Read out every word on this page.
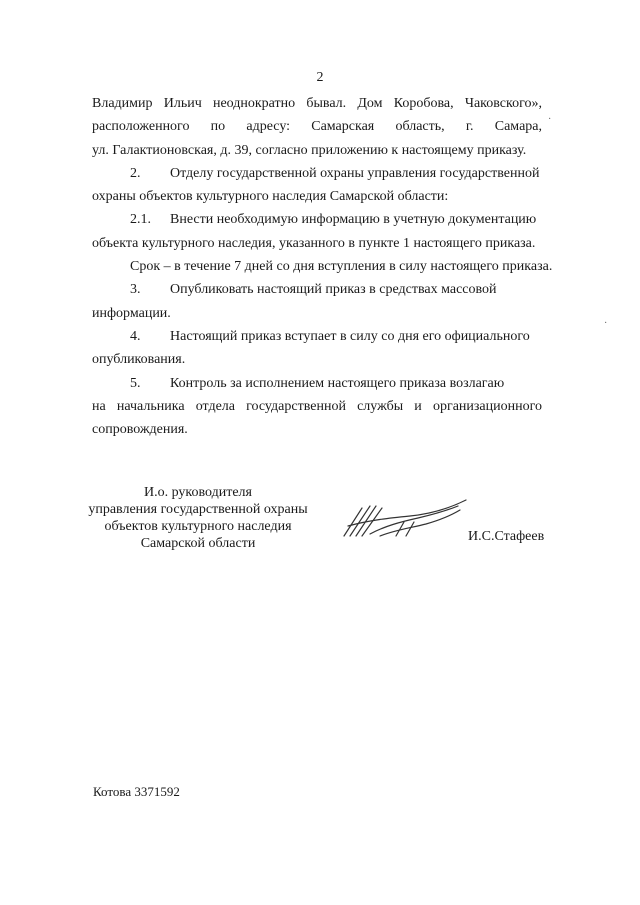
2
Владимир Ильич неоднократно бывал. Дом Коробова, Чаковского»,
расположенного по адресу: Самарская область, г. Самара,
ул. Галактионовская, д. 39, согласно приложению к настоящему приказу.
2. Отделу государственной охраны управления государственной
охраны объектов культурного наследия Самарской области:
2.1. Внести необходимую информацию в учетную документацию
объекта культурного наследия, указанного в пункте 1 настоящего приказа.
Срок – в течение 7 дней со дня вступления в силу настоящего приказа.
3. Опубликовать настоящий приказ в средствах массовой
информации.
4. Настоящий приказ вступает в силу со дня его официального
опубликования.
5. Контроль за исполнением настоящего приказа возлагаю
на начальника отдела государственной службы и организационного
сопровождения.
И.о. руководителя
управления государственной охраны
объектов культурного наследия
Самарской области	И.С.Стафеев
Котова 3371592
·
·
